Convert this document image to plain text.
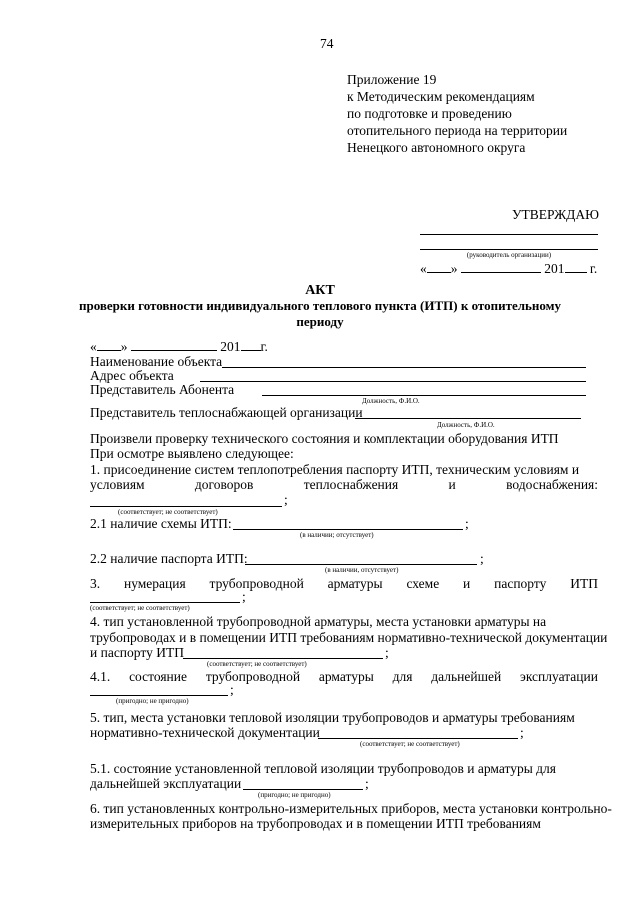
74
Приложение 19
к Методическим рекомендациям
по подготовке и проведению
отопительного периода на территории
Ненецкого автономного округа
УТВЕРЖДАЮ
(руководитель организации)
« »	201 г.
АКТ
проверки готовности индивидуального теплового пункта (ИТП) к отопительному
периоду
« »	201 г.
Наименование объекта
Адрес объекта
Представитель Абонента
Должность, Ф.И.О.
Представитель теплоснабжающей организации
Должность, Ф.И.О.
Произвели проверку технического состояния и комплектации оборудования ИТП
При осмотре выявлено следующее:
1. присоединение систем теплопотребления паспорту ИТП, техническим условиям и
условиям	договоров	теплоснабжения	и	водоснабжения:
;
(соответствует; не соответствует)
2.1 наличие схемы ИТП:	;
(в наличии; отсутствует)
2.2 наличие паспорта ИТП:	;
(в наличии, отсутствует)
3. нумерация трубопроводной арматуры схеме и паспорту ИТП
;
(соответствует; не соответствует)
4. тип установленной трубопроводной арматуры, места установки арматуры на
трубопроводах и в помещении ИТП требованиям нормативно-технической документации
и паспорту ИТП	;
(соответствует; не соответствует)
4.1. состояние трубопроводной арматуры для дальнейшей эксплуатации
;
(пригодно; не пригодно)
5. тип, места установки тепловой изоляции трубопроводов и арматуры требованиям
нормативно-технической документации	;
(соответствует; не соответствует)
5.1. состояние установленной тепловой изоляции трубопроводов и арматуры для
дальнейшей эксплуатации	;
(пригодно; не пригодно)
6. тип установленных контрольно-измерительных приборов, места установки контрольно-
измерительных приборов на трубопроводах и в помещении ИТП требованиям
